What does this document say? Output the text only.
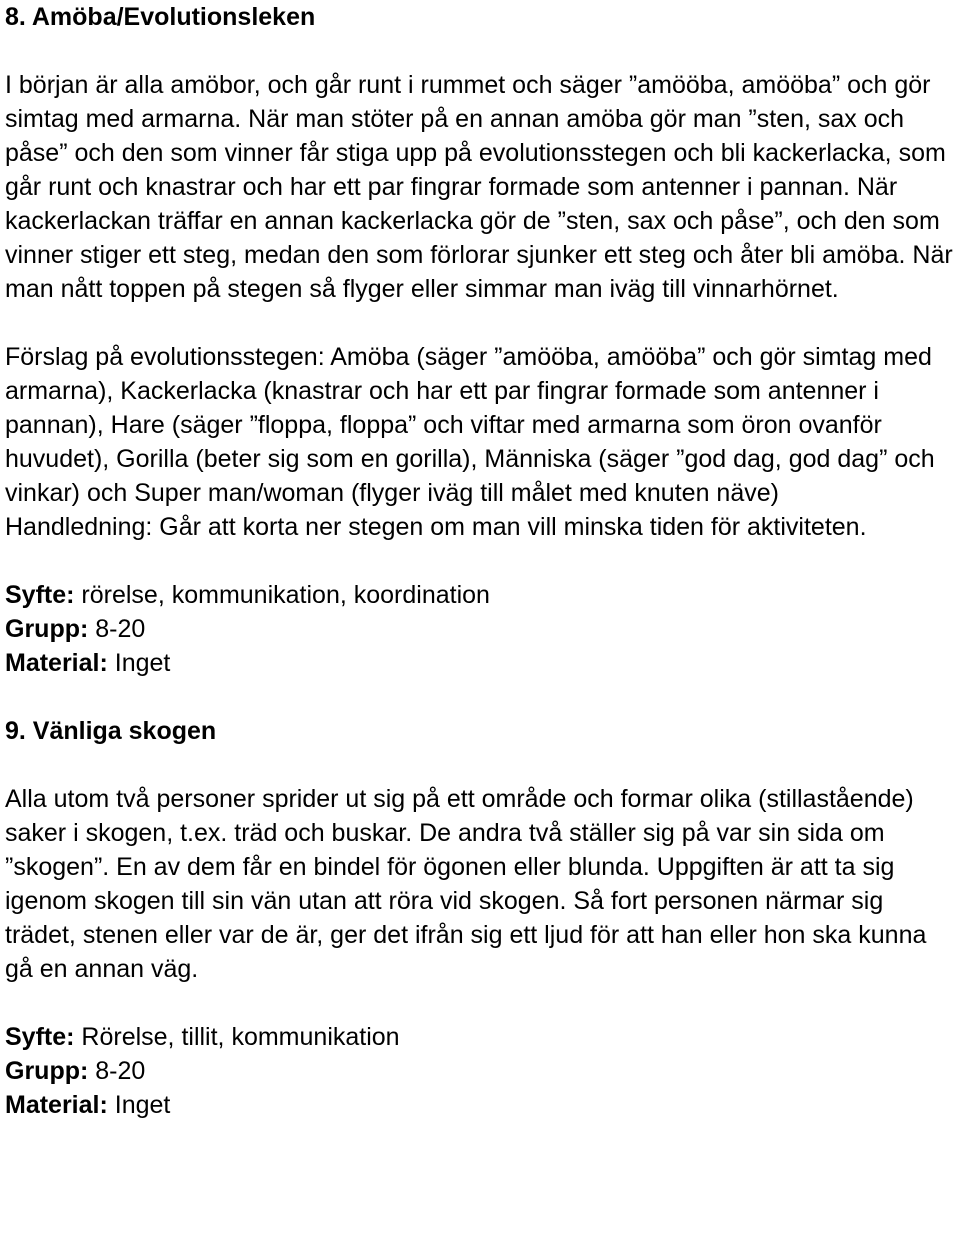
8. Amöba/Evolutionsleken

I början är alla amöbor, och går runt i rummet och säger ”amööba, amööba” och gör simtag med armarna. När man stöter på en annan amöba gör man ”sten, sax och påse” och den som vinner får stiga upp på evolutionsstegen och bli kackerlacka, som går runt och knastrar och har ett par fingrar formade som antenner i pannan. När kackerlackan träffar en annan kackerlacka gör de ”sten, sax och påse”, och den som vinner stiger ett steg, medan den som förlorar sjunker ett steg och åter bli amöba. När man nått toppen på stegen så flyger eller simmar man iväg till vinnarhörnet.

Förslag på evolutionsstegen: Amöba (säger ”amööba, amööba” och gör simtag med armarna), Kackerlacka (knastrar och har ett par fingrar formade som antenner i pannan), Hare (säger ”floppa, floppa” och viftar med armarna som öron ovanför huvudet), Gorilla (beter sig som en gorilla), Människa (säger ”god dag, god dag” och vinkar) och Super man/woman (flyger iväg till målet med knuten näve)

Handledning: Går att korta ner stegen om man vill minska tiden för aktiviteten.

Syfte: rörelse, kommunikation, koordination

Grupp: 8-20

Material: Inget

9. Vänliga skogen

Alla utom två personer sprider ut sig på ett område och formar olika (stillastående) saker i skogen, t.ex. träd och buskar. De andra två ställer sig på var sin sida om ”skogen”. En av dem får en bindel för ögonen eller blunda. Uppgiften är att ta sig igenom skogen till sin vän utan att röra vid skogen. Så fort personen närmar sig trädet, stenen eller var de är, ger det ifrån sig ett ljud för att han eller hon ska kunna gå en annan väg.

Syfte: Rörelse, tillit, kommunikation

Grupp: 8-20

Material: Inget
